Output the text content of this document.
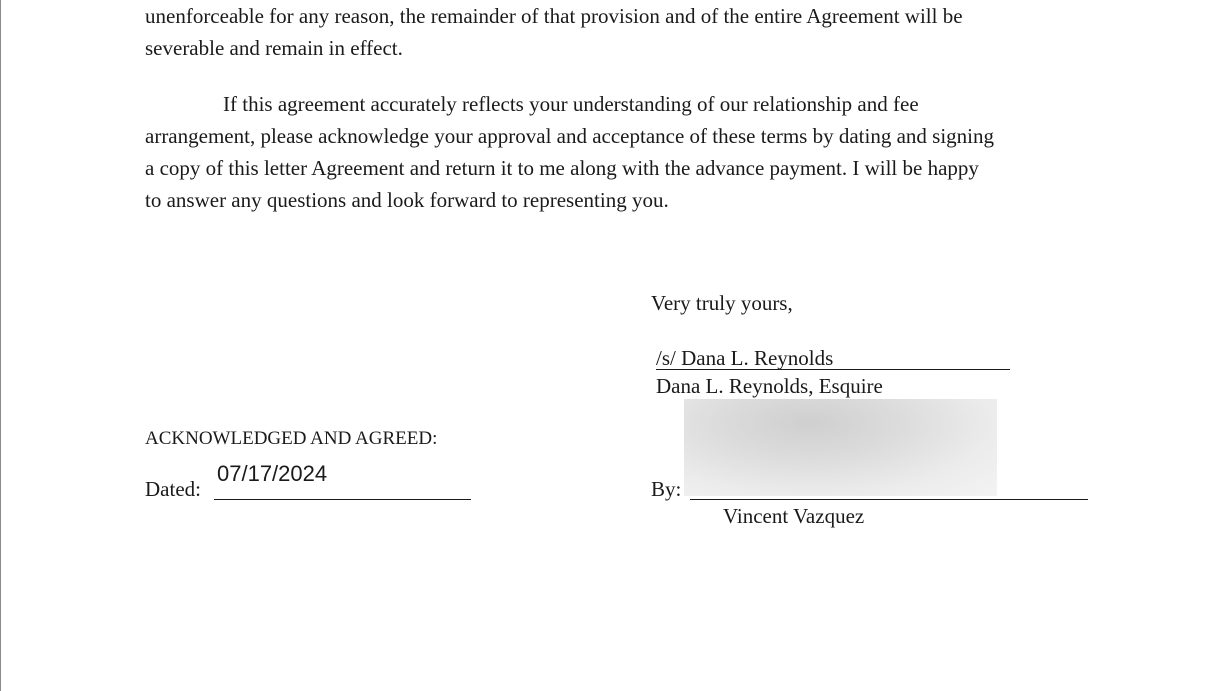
unenforceable for any reason, the remainder of that provision and of the entire Agreement will be
severable and remain in effect.
If this agreement accurately reflects your understanding of our relationship and fee
arrangement, please acknowledge your approval and acceptance of these terms by dating and signing
a copy of this letter Agreement and return it to me along with the advance payment. I will be happy
to answer any questions and look forward to representing you.
Very truly yours,
/s/ Dana L. Reynolds
Dana L. Reynolds, Esquire
ACKNOWLEDGED AND AGREED:
Dated:
07/17/2024
By:
Vincent Vazquez
